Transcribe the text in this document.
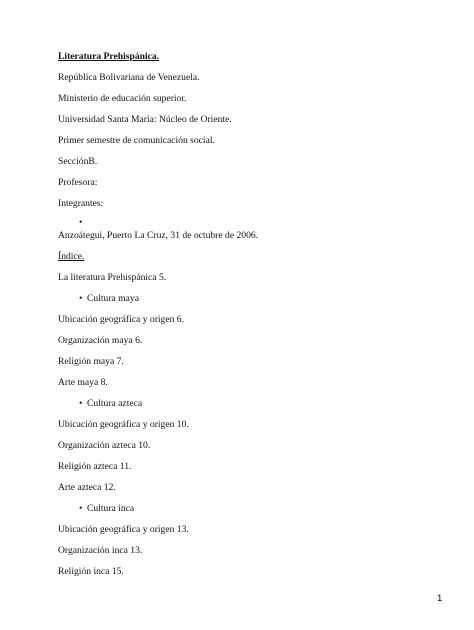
Literatura Prehispánica.
República Bolivariana de Venezuela.
Ministerio de educación superior.
Universidad Santa María: Núcleo de Oriente.
Primer semestre de comunicación social.
SecciónB.
Profesora:
Integrantes:
•
Anzoátegui, Puerto La Cruz, 31 de octubre de 2006.
Índice.
La literatura Prehispánica 5.
• Cultura maya
Ubicación geográfica y origen 6.
Organización maya 6.
Religión maya 7.
Arte maya 8.
• Cultura azteca
Ubicación geográfica y origen 10.
Organización azteca 10.
Religión azteca 11.
Arte azteca 12.
• Cultura inca
Ubicación geográfica y origen 13.
Organización inca 13.
Religión inca 15.
1
